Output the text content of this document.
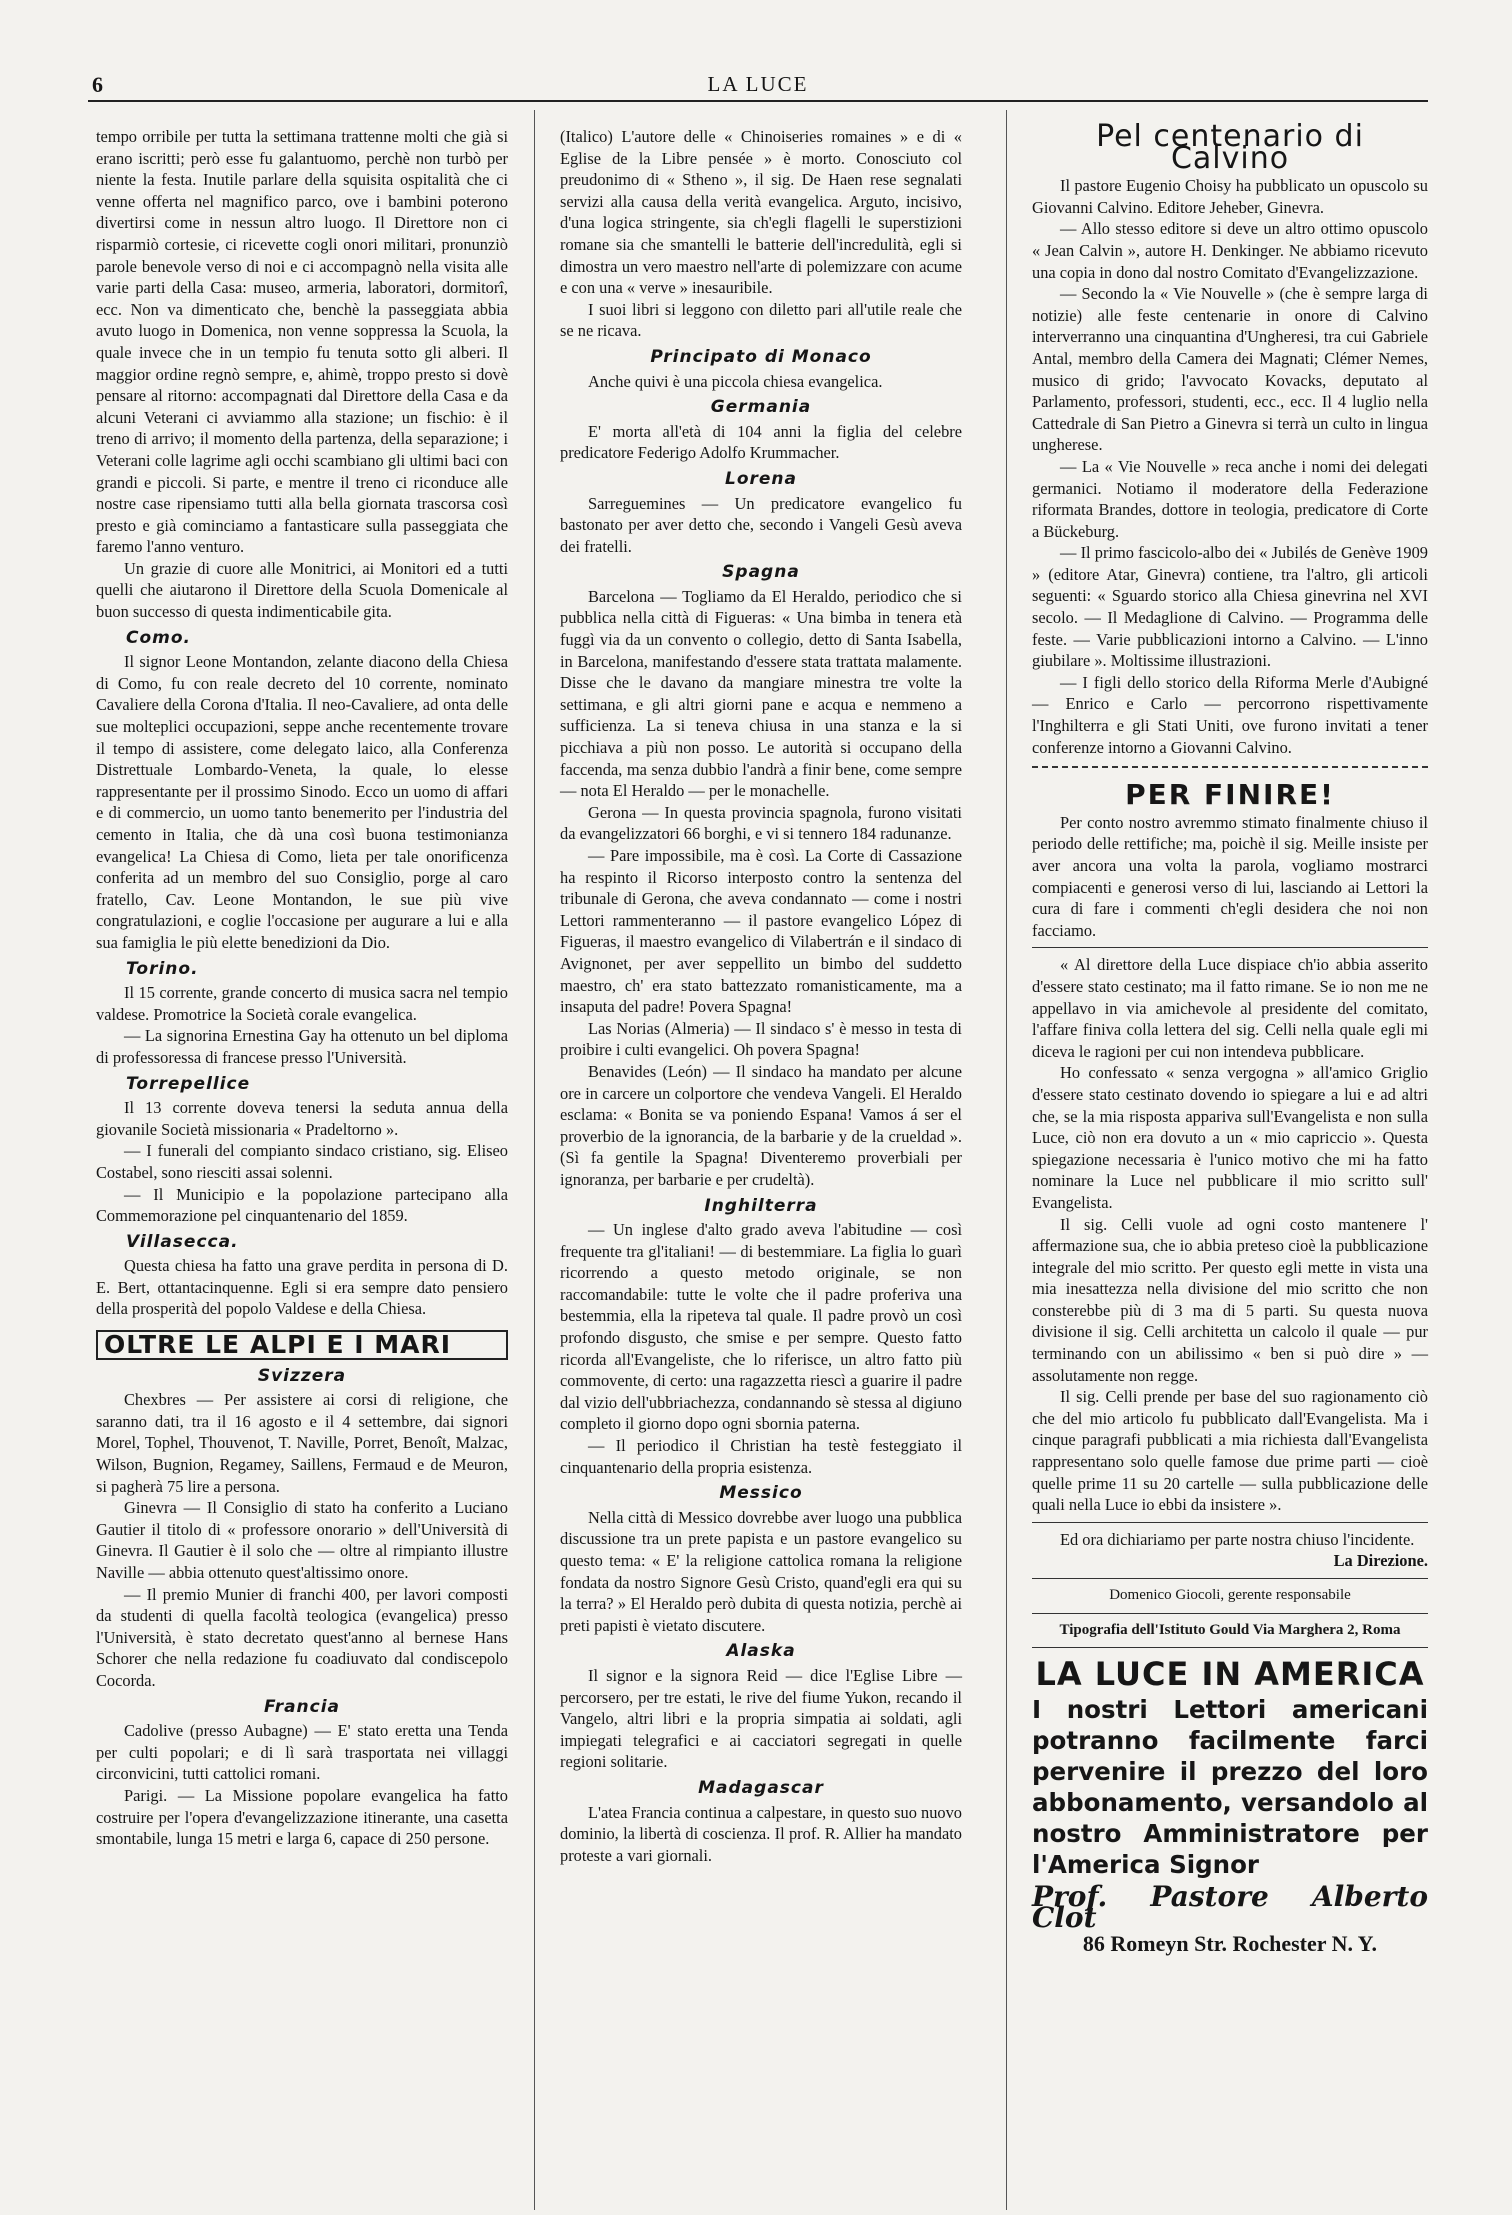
6	LA LUCE

tempo orribile per tutta la settimana trattenne molti che già si erano iscritti; però esse fu galantuomo, perchè non turbò per niente la festa. Inutile parlare della squisita ospitalità che ci venne offerta nel magnifico parco, ove i bambini poterono divertirsi come in nessun altro luogo. Il Direttore non ci risparmiò cortesie, ci ricevette cogli onori militari, pronunziò parole benevole verso di noi e ci accompagnò nella visita alle varie parti della Casa: museo, armeria, laboratori, dormitorî, ecc. Non va dimenticato che, benchè la passeggiata abbia avuto luogo in Domenica, non venne soppressa la Scuola, la quale invece che in un tempio fu tenuta sotto gli alberi. Il maggior ordine regnò sempre, e, ahimè, troppo presto si dovè pensare al ritorno: accompagnati dal Direttore della Casa e da alcuni Veterani ci avviammo alla stazione; un fischio: è il treno di arrivo; il momento della partenza, della separazione; i Veterani colle lagrime agli occhi scambiano gli ultimi baci con grandi e piccoli. Si parte, e mentre il treno ci riconduce alle nostre case ripensiamo tutti alla bella giornata trascorsa così presto e già cominciamo a fantasticare sulla passeggiata che faremo l'anno venturo.

Un grazie di cuore alle Monitrici, ai Monitori ed a tutti quelli che aiutarono il Direttore della Scuola Domenicale al buon successo di questa indimenticabile gita.

Como.

Il signor Leone Montandon, zelante diacono della Chiesa di Como, fu con reale decreto del 10 corrente, nominato Cavaliere della Corona d'Italia. Il neo-Cavaliere, ad onta delle sue molteplici occupazioni, seppe anche recentemente trovare il tempo di assistere, come delegato laico, alla Conferenza Distrettuale Lombardo-Veneta, la quale, lo elesse rappresentante per il prossimo Sinodo. Ecco un uomo di affari e di commercio, un uomo tanto benemerito per l'industria del cemento in Italia, che dà una così buona testimonianza evangelica! La Chiesa di Como, lieta per tale onorificenza conferita ad un membro del suo Consiglio, porge al caro fratello, Cav. Leone Montandon, le sue più vive congratulazioni, e coglie l'occasione per augurare a lui e alla sua famiglia le più elette benedizioni da Dio.

Torino.

Il 15 corrente, grande concerto di musica sacra nel tempio valdese. Promotrice la Società corale evangelica.

— La signorina Ernestina Gay ha ottenuto un bel diploma di professoressa di francese presso l'Università.

Torrepellice

Il 13 corrente doveva tenersi la seduta annua della giovanile Società missionaria « Pradeltorno ».

— I funerali del compianto sindaco cristiano, sig. Eliseo Costabel, sono riesciti assai solenni.

— Il Municipio e la popolazione partecipano alla Commemorazione pel cinquantenario del 1859.

Villasecca.

Questa chiesa ha fatto una grave perdita in persona di D. E. Bert, ottantacinquenne. Egli si era sempre dato pensiero della prosperità del popolo Valdese e della Chiesa.

OLTRE LE ALPI E I MARI
Svizzera

Chexbres — Per assistere ai corsi di religione, che saranno dati, tra il 16 agosto e il 4 settembre, dai signori Morel, Tophel, Thouvenot, T. Naville, Porret, Benoît, Malzac, Wilson, Bugnion, Regamey, Saillens, Fermaud e de Meuron, si pagherà 75 lire a persona.

Ginevra — Il Consiglio di stato ha conferito a Luciano Gautier il titolo di « professore onorario » dell'Università di Ginevra. Il Gautier è il solo che — oltre al rimpianto illustre Naville — abbia ottenuto quest'altissimo onore.

— Il premio Munier di franchi 400, per lavori composti da studenti di quella facoltà teologica (evangelica) presso l'Università, è stato decretato quest'anno al bernese Hans Schorer che nella redazione fu coadiuvato dal condiscepolo Cocorda.

Francia

Cadolive (presso Aubagne) — E' stato eretta una Tenda per culti popolari; e di lì sarà trasportata nei villaggi circonvicini, tutti cattolici romani.

Parigi. — La Missione popolare evangelica ha fatto costruire per l'opera d'evangelizzazione itinerante, una casetta smontabile, lunga 15 metri e larga 6, capace di 250 persone.

(Italico) L'autore delle « Chinoiseries romaines » e di « Eglise de la Libre pensée » è morto. Conosciuto col preudonimo di « Stheno », il sig. De Haen rese segnalati servizi alla causa della verità evangelica. Arguto, incisivo, d'una logica stringente, sia ch'egli flagelli le superstizioni romane sia che smantelli le batterie dell'incredulità, egli si dimostra un vero maestro nell'arte di polemizzare con acume e con una « verve » inesauribile.

I suoi libri si leggono con diletto pari all'utile reale che se ne ricava.

Principato di Monaco

Anche quivi è una piccola chiesa evangelica.

Germania

E' morta all'età di 104 anni la figlia del celebre predicatore Federigo Adolfo Krummacher.

Lorena

Sarreguemines — Un predicatore evangelico fu bastonato per aver detto che, secondo i Vangeli Gesù aveva dei fratelli.

Spagna

Barcelona — Togliamo da El Heraldo, periodico che si pubblica nella città di Figueras: « Una bimba in tenera età fuggì via da un convento o collegio, detto di Santa Isabella, in Barcelona, manifestando d'essere stata trattata malamente. Disse che le davano da mangiare minestra tre volte la settimana, e gli altri giorni pane e acqua e nemmeno a sufficienza. La si teneva chiusa in una stanza e la si picchiava a più non posso. Le autorità si occupano della faccenda, ma senza dubbio l'andrà a finir bene, come sempre — nota El Heraldo — per le monachelle.

Gerona — In questa provincia spagnola, furono visitati da evangelizzatori 66 borghi, e vi si tennero 184 radunanze.

— Pare impossibile, ma è così. La Corte di Cassazione ha respinto il Ricorso interposto contro la sentenza del tribunale di Gerona, che aveva condannato — come i nostri Lettori rammenteranno — il pastore evangelico López di Figueras, il maestro evangelico di Vilabertrán e il sindaco di Avignonet, per aver seppellito un bimbo del suddetto maestro, ch' era stato battezzato romanisticamente, ma a insaputa del padre! Povera Spagna!

Las Norias (Almeria) — Il sindaco s' è messo in testa di proibire i culti evangelici. Oh povera Spagna!

Benavides (León) — Il sindaco ha mandato per alcune ore in carcere un colportore che vendeva Vangeli. El Heraldo esclama: « Bonita se va poniendo Espana! Vamos á ser el proverbio de la ignorancia, de la barbarie y de la crueldad ». (Sì fa gentile la Spagna! Diventeremo proverbiali per ignoranza, per barbarie e per crudeltà).

Inghilterra

— Un inglese d'alto grado aveva l'abitudine — così frequente tra gl'italiani! — di bestemmiare. La figlia lo guarì ricorrendo a questo metodo originale, se non raccomandabile: tutte le volte che il padre proferiva una bestemmia, ella la ripeteva tal quale. Il padre provò un così profondo disgusto, che smise e per sempre. Questo fatto ricorda all'Evangeliste, che lo riferisce, un altro fatto più commovente, di certo: una ragazzetta riescì a guarire il padre dal vizio dell'ubbriachezza, condannando sè stessa al digiuno completo il giorno dopo ogni sbornia paterna.

— Il periodico il Christian ha testè festeggiato il cinquantenario della propria esistenza.

Messico

Nella città di Messico dovrebbe aver luogo una pubblica discussione tra un prete papista e un pastore evangelico su questo tema: « E' la religione cattolica romana la religione fondata da nostro Signore Gesù Cristo, quand'egli era qui su la terra? » El Heraldo però dubita di questa notizia, perchè ai preti papisti è vietato discutere.

Alaska

Il signor e la signora Reid — dice l'Eglise Libre — percorsero, per tre estati, le rive del fiume Yukon, recando il Vangelo, altri libri e la propria simpatia ai soldati, agli impiegati telegrafici e ai cacciatori segregati in quelle regioni solitarie.

Madagascar

L'atea Francia continua a calpestare, in questo suo nuovo dominio, la libertà di coscienza. Il prof. R. Allier ha mandato proteste a vari giornali.

Pel centenario di Calvino

Il pastore Eugenio Choisy ha pubblicato un opuscolo su Giovanni Calvino. Editore Jeheber, Ginevra.

— Allo stesso editore si deve un altro ottimo opuscolo « Jean Calvin », autore H. Denkinger. Ne abbiamo ricevuto una copia in dono dal nostro Comitato d'Evangelizzazione.

— Secondo la « Vie Nouvelle » (che è sempre larga di notizie) alle feste centenarie in onore di Calvino interverranno una cinquantina d'Ungheresi, tra cui Gabriele Antal, membro della Camera dei Magnati; Clémer Nemes, musico di grido; l'avvocato Kovacks, deputato al Parlamento, professori, studenti, ecc., ecc. Il 4 luglio nella Cattedrale di San Pietro a Ginevra si terrà un culto in lingua ungherese.

— La « Vie Nouvelle » reca anche i nomi dei delegati germanici. Notiamo il moderatore della Federazione riformata Brandes, dottore in teologia, predicatore di Corte a Bückeburg.

— Il primo fascicolo-albo dei « Jubilés de Genève 1909 » (editore Atar, Ginevra) contiene, tra l'altro, gli articoli seguenti: « Sguardo storico alla Chiesa ginevrina nel XVI secolo. — Il Medaglione di Calvino. — Programma delle feste. — Varie pubblicazioni intorno a Calvino. — L'inno giubilare ». Moltissime illustrazioni.

— I figli dello storico della Riforma Merle d'Aubigné — Enrico e Carlo — percorrono rispettivamente l'Inghilterra e gli Stati Uniti, ove furono invitati a tener conferenze intorno a Giovanni Calvino.

PER FINIRE!

Per conto nostro avremmo stimato finalmente chiuso il periodo delle rettifiche; ma, poichè il sig. Meille insiste per aver ancora una volta la parola, vogliamo mostrarci compiacenti e generosi verso di lui, lasciando ai Lettori la cura di fare i commenti ch'egli desidera che noi non facciamo.

« Al direttore della Luce dispiace ch'io abbia asserito d'essere stato cestinato; ma il fatto rimane. Se io non me ne appellavo in via amichevole al presidente del comitato, l'affare finiva colla lettera del sig. Celli nella quale egli mi diceva le ragioni per cui non intendeva pubblicare.

Ho confessato « senza vergogna » all'amico Griglio d'essere stato cestinato dovendo io spiegare a lui e ad altri che, se la mia risposta appariva sull'Evangelista e non sulla Luce, ciò non era dovuto a un « mio capriccio ». Questa spiegazione necessaria è l'unico motivo che mi ha fatto nominare la Luce nel pubblicare il mio scritto sull' Evangelista.

Il sig. Celli vuole ad ogni costo mantenere l' affermazione sua, che io abbia preteso cioè la pubblicazione integrale del mio scritto. Per questo egli mette in vista una mia inesattezza nella divisione del mio scritto che non consterebbe più di 3 ma di 5 parti. Su questa nuova divisione il sig. Celli architetta un calcolo il quale — pur terminando con un abilissimo « ben si può dire » — assolutamente non regge.

Il sig. Celli prende per base del suo ragionamento ciò che del mio articolo fu pubblicato dall'Evangelista. Ma i cinque paragrafi pubblicati a mia richiesta dall'Evangelista rappresentano solo quelle famose due prime parti — cioè quelle prime 11 su 20 cartelle — sulla pubblicazione delle quali nella Luce io ebbi da insistere ».

Ed ora dichiariamo per parte nostra chiuso l'incidente.

La Direzione.
Domenico Giocoli, gerente responsabile
Tipografia dell'Istituto Gould Via Marghera 2, Roma
LA LUCE IN AMERICA
I nostri Lettori americani potranno facilmente farci pervenire il prezzo del loro abbonamento, versandolo al nostro Amministratore per l'America Signor
Prof. Pastore Alberto Clot
86 Romeyn Str. Rochester N. Y.
